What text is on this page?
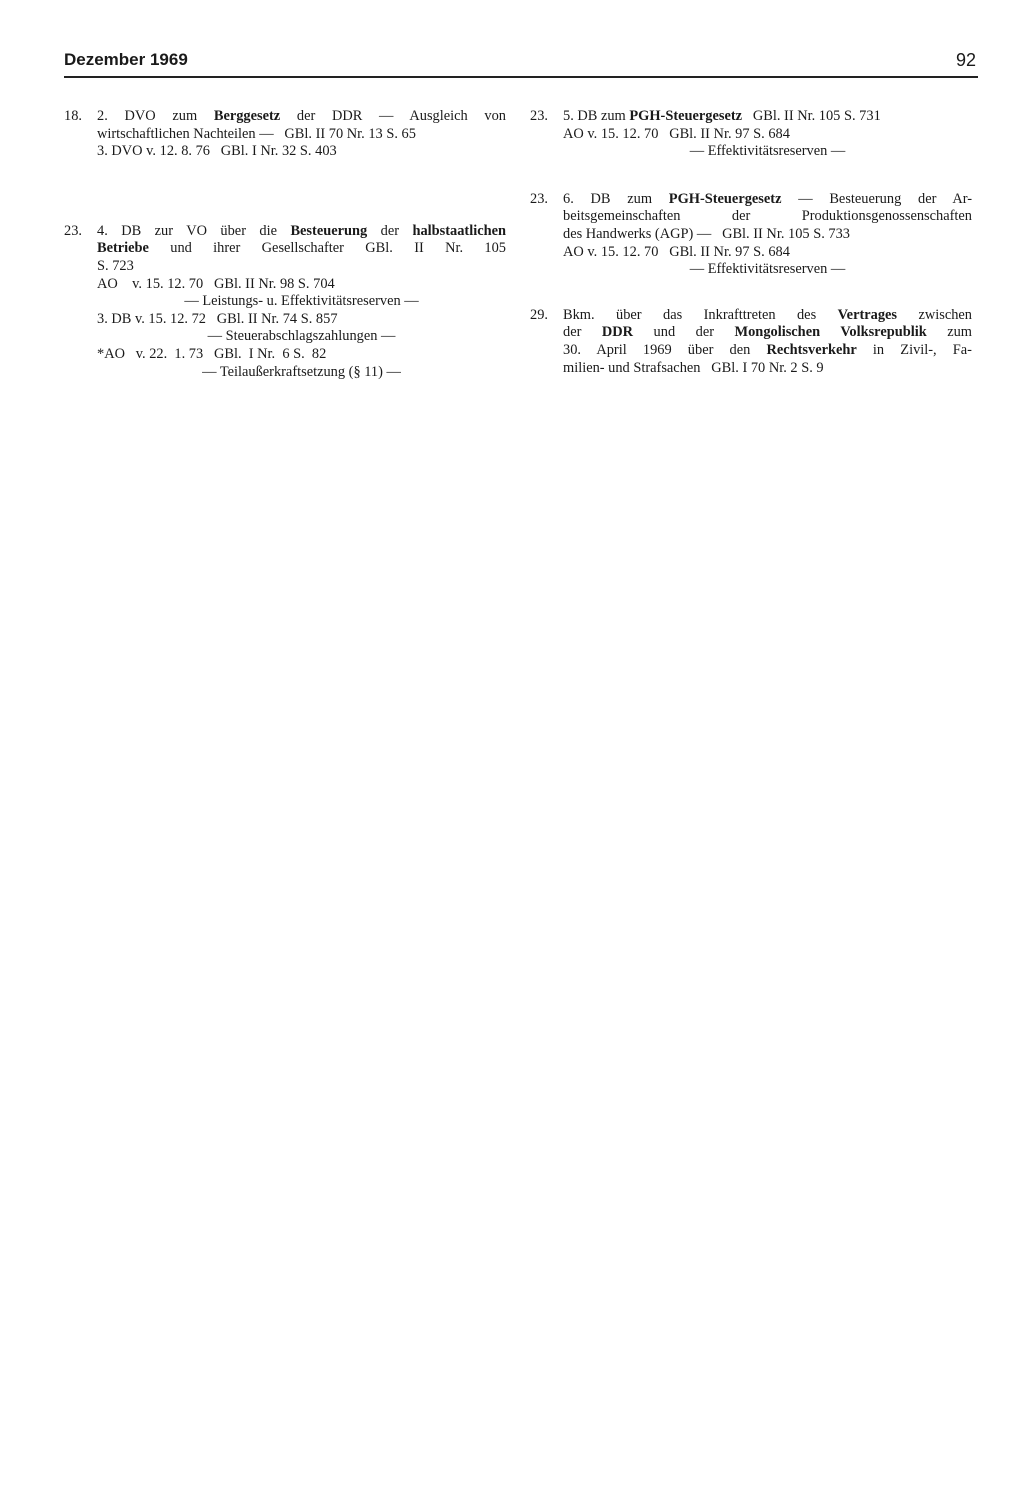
Dezember 1969	92
18. 2. DVO zum Berggesetz der DDR — Ausgleich von
wirtschaftlichen Nachteilen —   GBl. II 70 Nr. 13 S. 65
3. DVO v. 12. 8. 76   GBl. I Nr. 32 S. 403
23. 4. DB zur VO über die Besteuerung der halbstaatlichen
Betriebe und ihrer Gesellschafter GBl. II Nr. 105
S. 723
AO    v. 15. 12. 70   GBl. II Nr. 98 S. 704
— Leistungs- u. Effektivitätsreserven —
3. DB v. 15. 12. 72   GBl. II Nr. 74 S. 857
— Steuerabschlagszahlungen —
*AO   v. 22.  1. 73   GBl.  I Nr.  6 S.  82
— Teilaußerkraftsetzung (§ 11) —
23. 5. DB zum PGH-Steuergesetz   GBl. II Nr. 105 S. 731
AO v. 15. 12. 70   GBl. II Nr. 97 S. 684
— Effektivitätsreserven —
23. 6. DB zum PGH-Steuergesetz — Besteuerung der Ar-
beitsgemeinschaften der Produktionsgenossenschaften
des Handwerks (AGP) —   GBl. II Nr. 105 S. 733
AO v. 15. 12. 70   GBl. II Nr. 97 S. 684
— Effektivitätsreserven —
29. Bkm. über das Inkrafttreten des Vertrages zwischen
der DDR und der Mongolischen Volksrepublik zum
30. April 1969 über den Rechtsverkehr in Zivil-, Fa-
milien- und Strafsachen   GBl. I 70 Nr. 2 S. 9
